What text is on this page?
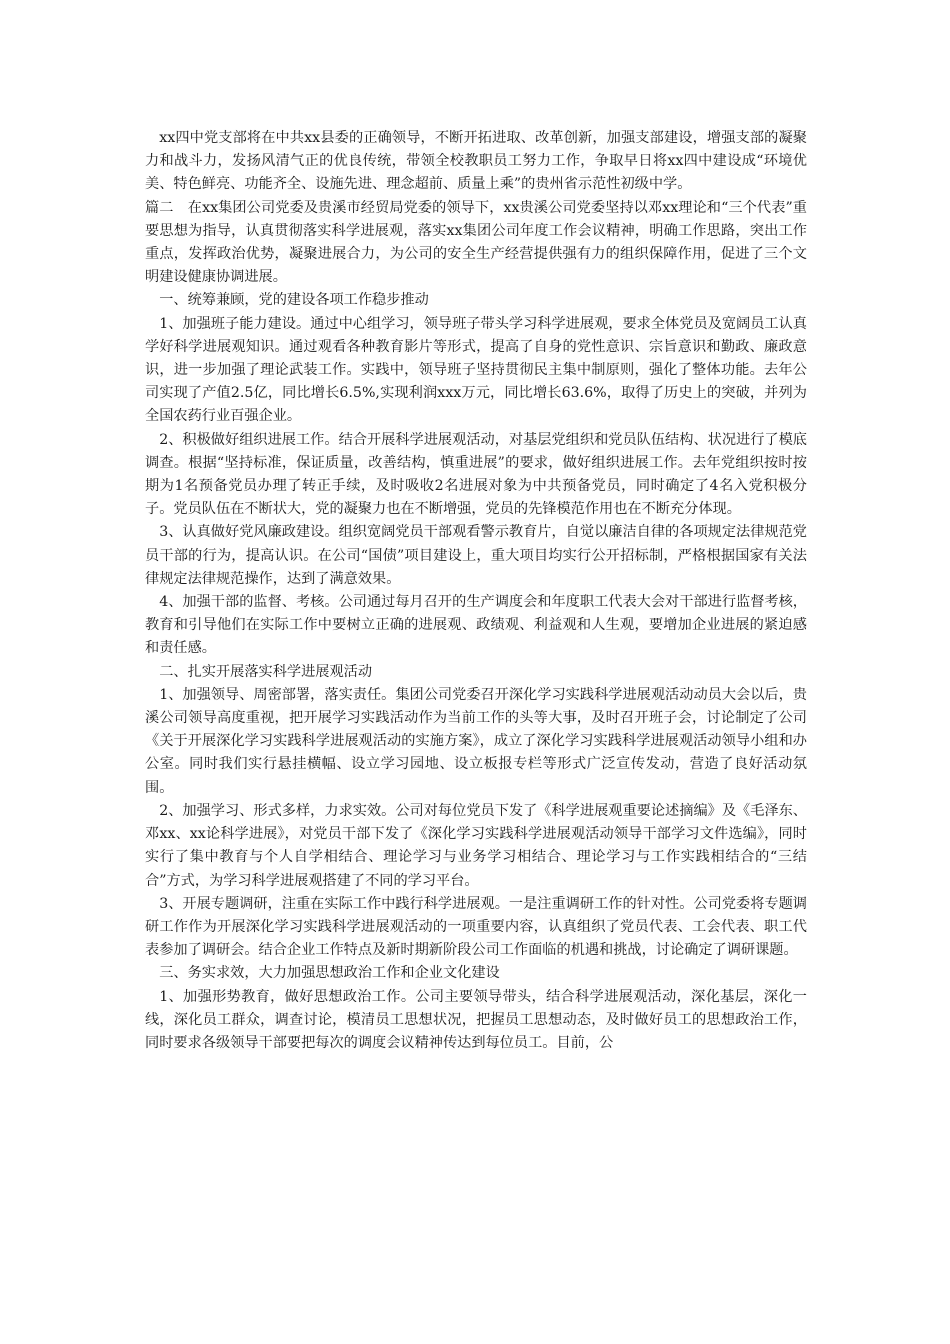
xx四中党支部将在中共xx县委的正确领导，不断开拓进取、改革创新，加强支部建设，增强支部的凝聚力和战斗力，发扬风清气正的优良传统，带领全校教职员工努力工作，争取早日将xx四中建设成“环境优美、特色鲜亮、功能齐全、设施先进、理念超前、质量上乘”的贵州省示范性初级中学。

篇二　在xx集团公司党委及贵溪市经贸局党委的领导下，xx贵溪公司党委坚持以邓xx理论和“三个代表”重要思想为指导，认真贯彻落实科学进展观，落实xx集团公司年度工作会议精神，明确工作思路，突出工作重点，发挥政治优势，凝聚进展合力，为公司的安全生产经营提供强有力的组织保障作用，促进了三个文明建设健康协调进展。

一、统筹兼顾，党的建设各项工作稳步推动

1、加强班子能力建设。通过中心组学习，领导班子带头学习科学进展观，要求全体党员及宽阔员工认真学好科学进展观知识。通过观看各种教育影片等形式，提高了自身的党性意识、宗旨意识和勤政、廉政意识，进一步加强了理论武装工作。实践中，领导班子坚持贯彻民主集中制原则，强化了整体功能。去年公司实现了产值2.5亿，同比增长6.5%,实现利润xxx万元，同比增长63.6%，取得了历史上的突破，并列为全国农药行业百强企业。

2、积极做好组织进展工作。结合开展科学进展观活动，对基层党组织和党员队伍结构、状况进行了模底调查。根据“坚持标准，保证质量，改善结构，慎重进展”的要求，做好组织进展工作。去年党组织按时按期为1名预备党员办理了转正手续，及时吸收2名进展对象为中共预备党员，同时确定了4名入党积极分子。党员队伍在不断状大，党的凝聚力也在不断增强，党员的先锋模范作用也在不断充分体现。

3、认真做好党风廉政建设。组织宽阔党员干部观看警示教育片，自觉以廉洁自律的各项规定法律规范党员干部的行为，提高认识。在公司“国债”项目建设上，重大项目均实行公开招标制，严格根据国家有关法律规定法律规范操作，达到了满意效果。

4、加强干部的监督、考核。公司通过每月召开的生产调度会和年度职工代表大会对干部进行监督考核，教育和引导他们在实际工作中要树立正确的进展观、政绩观、利益观和人生观，要增加企业进展的紧迫感和责任感。

二、扎实开展落实科学进展观活动

1、加强领导、周密部署，落实责任。集团公司党委召开深化学习实践科学进展观活动动员大会以后，贵溪公司领导高度重视，把开展学习实践活动作为当前工作的头等大事，及时召开班子会，讨论制定了公司《关于开展深化学习实践科学进展观活动的实施方案》，成立了深化学习实践科学进展观活动领导小组和办公室。同时我们实行悬挂横幅、设立学习园地、设立板报专栏等形式广泛宣传发动，营造了良好活动氛围。

2、加强学习、形式多样，力求实效。公司对每位党员下发了《科学进展观重要论述摘编》及《毛泽东、邓xx、xx论科学进展》，对党员干部下发了《深化学习实践科学进展观活动领导干部学习文件选编》，同时实行了集中教育与个人自学相结合、理论学习与业务学习相结合、理论学习与工作实践相结合的“三结合”方式，为学习科学进展观搭建了不同的学习平台。

3、开展专题调研，注重在实际工作中践行科学进展观。一是注重调研工作的针对性。公司党委将专题调研工作作为开展深化学习实践科学进展观活动的一项重要内容，认真组织了党员代表、工会代表、职工代表参加了调研会。结合企业工作特点及新时期新阶段公司工作面临的机遇和挑战，讨论确定了调研课题。

三、务实求效，大力加强思想政治工作和企业文化建设

1、加强形势教育，做好思想政治工作。公司主要领导带头，结合科学进展观活动，深化基层，深化一线，深化员工群众，调查讨论，模清员工思想状况，把握员工思想动态，及时做好员工的思想政治工作，同时要求各级领导干部要把每次的调度会议精神传达到每位员工。目前，公
